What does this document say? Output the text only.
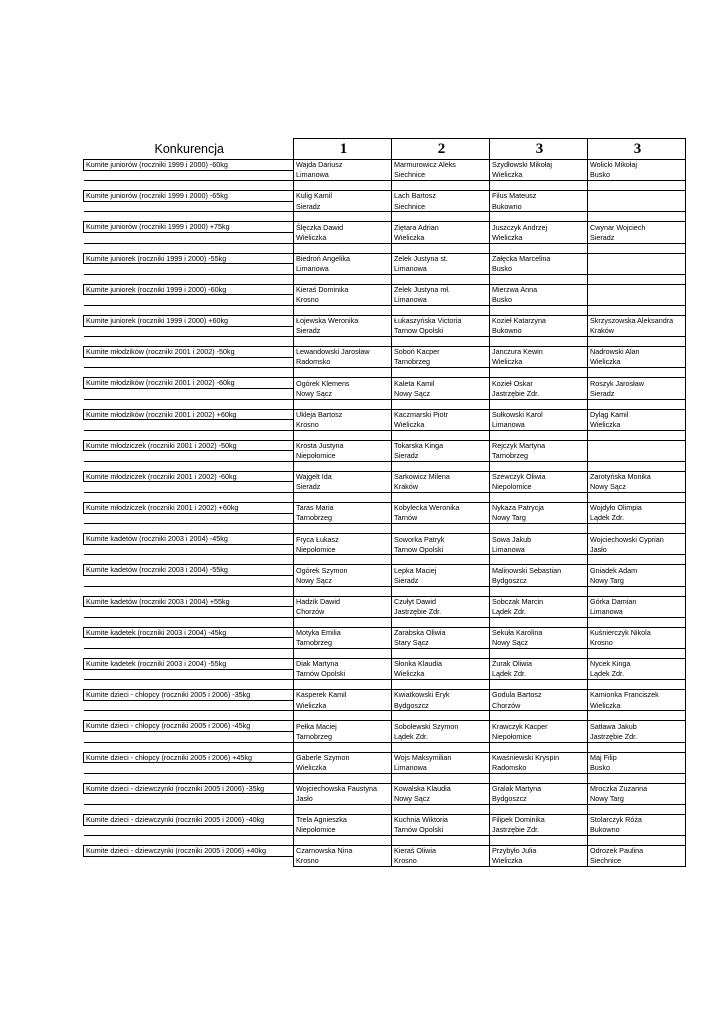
Konkurencja	1	2	3	3
Kumite juniorów (roczniki 1999 i 2000) -60kg	Wajda Dariusz	Marmurowicz Aleks	Szydłowski Mikołaj	Wolicki Mikołaj
	Limanowa	Siechnice	Wieliczka	Busko

Kumite juniorów (roczniki 1999 i 2000) -65kg	Kulig Kamil	Lach Bartosz	Filus Mateusz	
	Sieradz	Siechnice	Bukowno	

Kumite juniorów (roczniki 1999 i 2000) +75kg	Ślęczka Dawid	Ziętara Adrian	Juszczyk Andrzej	Cwynar Wojciech
	Wieliczka	Wieliczka	Wieliczka	Sieradz

Kumite juniorek (roczniki 1999 i 2000) -55kg	Biedroń Angelika	Zelek Justyna st.	Załęcka Marcelina	
	Limanowa	Limanowa	Busko	

Kumite juniorek (roczniki 1999 i 2000) -60kg	Kieraś Dominika	Zelek Justyna mł.	Mierzwa Anna	
	Krosno	Limanowa	Busko	

Kumite juniorek (roczniki 1999 i 2000) +60kg	Łojewska Weronika	Łukaszyńska Victoria	Kozieł Katarzyna	Skrzyszowska Aleksandra
	Sieradz	Tarnow Opolski	Bukowno	Kraków

Kumite młodzików (roczniki 2001 i 2002) -50kg	Lewandowski Jarosław	Soboń Kacper	Janczura Kewin	Nadrowski Alan
	Radomsko	Tarnobrzeg	Wieliczka	Wieliczka

Kumite młodzików (roczniki 2001 i 2002) -60kg	Ogórek Klemens	Kaleta Kamil	Kozieł Oskar	Roszyk Jarosław
	Nowy Sącz	Nowy Sącz	Jastrzębie Zdr.	Sieradz

Kumite młodzików (roczniki 2001 i 2002) +60kg	Ukleja Bartosz	Kaczmarski Piotr	Sułkowski Karol	Dyląg Kamil
	Krosno	Wieliczka	Limanowa	Wieliczka

Kumite młodziczek (roczniki 2001 i 2002) -50kg	Krosta Justyna	Tokarska Kinga	Rejczyk Martyna	
	Niepołomice	Sieradz	Tarnobrzeg	

Kumite młodziczek (roczniki 2001 i 2002) -60kg	Wajgelt Ida	Sarkowicz Milena	Szewczyk Oliwia	Zarotyńska Monika
	Sieradz	Kraków	Niepolomice	Nowy Sącz

Kumite młodziczek (roczniki 2001 i 2002) +60kg	Taras Maria	Kobylecka Weronika	Nykaza Patrycja	Wojdyło Olimpia
	Tarnobrzeg	Tarnów	Nowy Targ	Lądek Zdr.

Kumite kadetów (roczniki 2003 i 2004) -45kg	Fryca Łukasz	Soworka Patryk	Sowa Jakub	Wojciechowski Cyprian
	Niepołomice	Tarnow Opolski	Limanowa	Jasło

Kumite kadetów (roczniki 2003 i 2004) -55kg	Ogórek Szymon	Lepka Maciej	Malinowski Sebastian	Gniadek Adam
	Nowy Sącz	Sieradz	Bydgoszcz	Nowy Targ

Kumite kadetów (roczniki 2003 i 2004) +55kg	Hadzik Dawid	Czułyt Dawid	Sobczak Marcin	Górka Damian
	Chorzów	Jastrzębie Zdr.	Lądek Zdr.	Limanowa

Kumite kadetek (roczniki 2003 i 2004) -45kg	Motyka Emilia	Zarabska Oliwia	Sekuła Karolina	Kuśnierczyk Nikola
	Tarnobrzeg	Stary Sącz	Nowy Sącz	Krosno

Kumite kadetek (roczniki 2003 i 2004) -55kg	Diak Martyna	Słonka Klaudia	Żurak Oliwia	Nycek Kinga
	Tarnów Opolski	Wieliczka	Lądek Zdr.	Lądek Zdr.

Kumite dzieci - chłopcy (roczniki 2005 i 2006) -35kg	Kasperek Kamil	Kwiatkowski Eryk	Godula Bartosz	Kamionka Franciszek
	Wieliczka	Bydgoszcz	Chorzów	Wieliczka

Kumite dzieci - chłopcy (roczniki 2005 i 2006) -45kg	Pełka Maciej	Sobolewski Szymon	Krawczyk Kacper	Satława Jakub
	Tarnobrzeg	Lądek Zdr.	Niepołomice	Jastrzębie Zdr.

Kumite dzieci - chłopcy (roczniki 2005 i 2006) +45kg	Gaberle Szymon	Wojs Maksymilian	Kwaśniewski Kryspin	Maj Filip
	Wieliczka	Limanowa	Radomsko	Busko

Kumite dzieci - dziewczynki (roczniki 2005 i 2006) -35kg	Wojciechowska Faustyna	Kowalska Klaudia	Gralak Martyna	Mroczka Zuzanna
	Jasło	Nowy Sącz	Bydgoszcz	Nowy Targ

Kumite dzieci - dziewczynki (roczniki 2005 i 2006) -40kg	Trela Agnieszka	Kuchnia Wiktoria	Filipek Dominika	Stolarczyk Róża
	Niepołomice	Tarnów Opolski	Jastrzębie Zdr.	Bukowno

Kumite dzieci - dziewczynki (roczniki 2005 i 2006) +40kg	Czarnowska Nina	Kieraś Oliwia	Przybyło Julia	Odrozek Paulina
	Krosno	Krosno	Wieliczka	Siechnice
